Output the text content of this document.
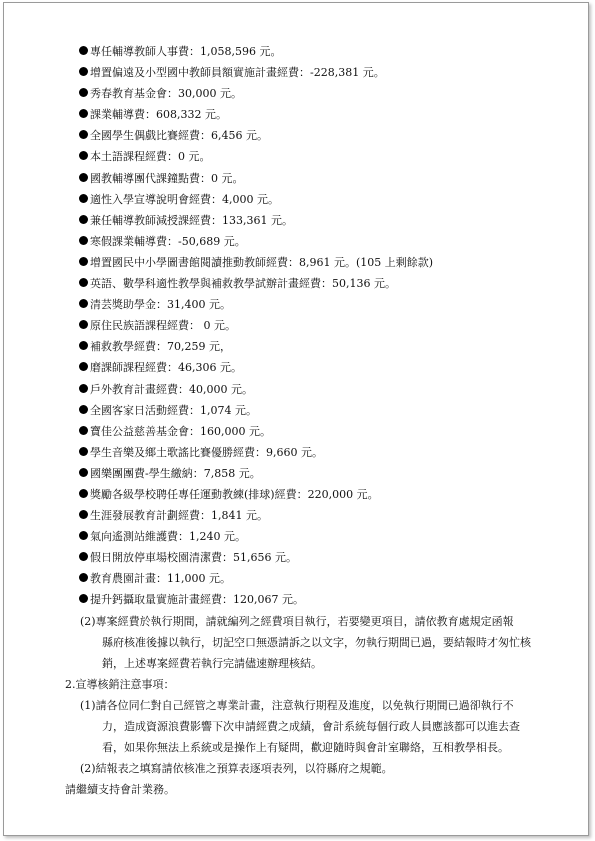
專任輔導教師人事費：1,058,596 元。
增置偏遠及小型國中教師員額實施計畫經費：-228,381 元。
秀春教育基金會：30,000 元。
課業輔導費：608,332 元。
全國學生偶戲比賽經費：6,456 元。
本土語課程經費：0 元。
國教輔導團代課鐘點費：0 元。
適性入學宣導說明會經費：4,000 元。
兼任輔導教師減授課經費：133,361 元。
寒假課業輔導費：-50,689 元。
增置國民中小學圖書館閱讀推動教師經費：8,961 元。(105 上剩餘款)
英語、數學科適性教學與補救教學試辦計畫經費：50,136 元。
清芸獎助學金：31,400 元。
原住民族語課程經費： 0 元。
補救教學經費：70,259 元，
磨課師課程經費：46,306 元。
戶外教育計畫經費：40,000 元。
全國客家日活動經費：1,074 元。
寶佳公益慈善基金會：160,000 元。
學生音樂及鄉土歌謠比賽優勝經費：9,660 元。
國樂團團費-學生繳納：7,858 元。
獎勵各級學校聘任專任運動教練(排球)經費：220,000 元。
生涯發展教育計劃經費：1,841 元。
氣向遙測站維護費：1,240 元。
假日開放停車場校園清潔費：51,656 元。
教育農園計畫：11,000 元。
提升鈣攝取量實施計畫經費：120,067 元。
(2)專案經費於執行期間，請就編列之經費項目執行，若要變更項目，請依教育處規定函報
縣府核准後據以執行，切記空口無憑請訴之以文字，勿執行期間已過，要結報時才匆忙核
銷，上述專案經費若執行完請儘速辦理核結。
2.宣導核銷注意事項：
(1)請各位同仁對自己經管之專業計畫，注意執行期程及進度，以免執行期間已過卻執行不
力，造成資源浪費影響下次申請經費之成績，會計系統每個行政人員應該都可以進去查
看，如果你無法上系統或是操作上有疑問，歡迎隨時與會計室聯絡，互相教學相長。
(2)結報表之填寫請依核准之預算表逐項表列，以符縣府之規範。
請繼續支持會計業務。
